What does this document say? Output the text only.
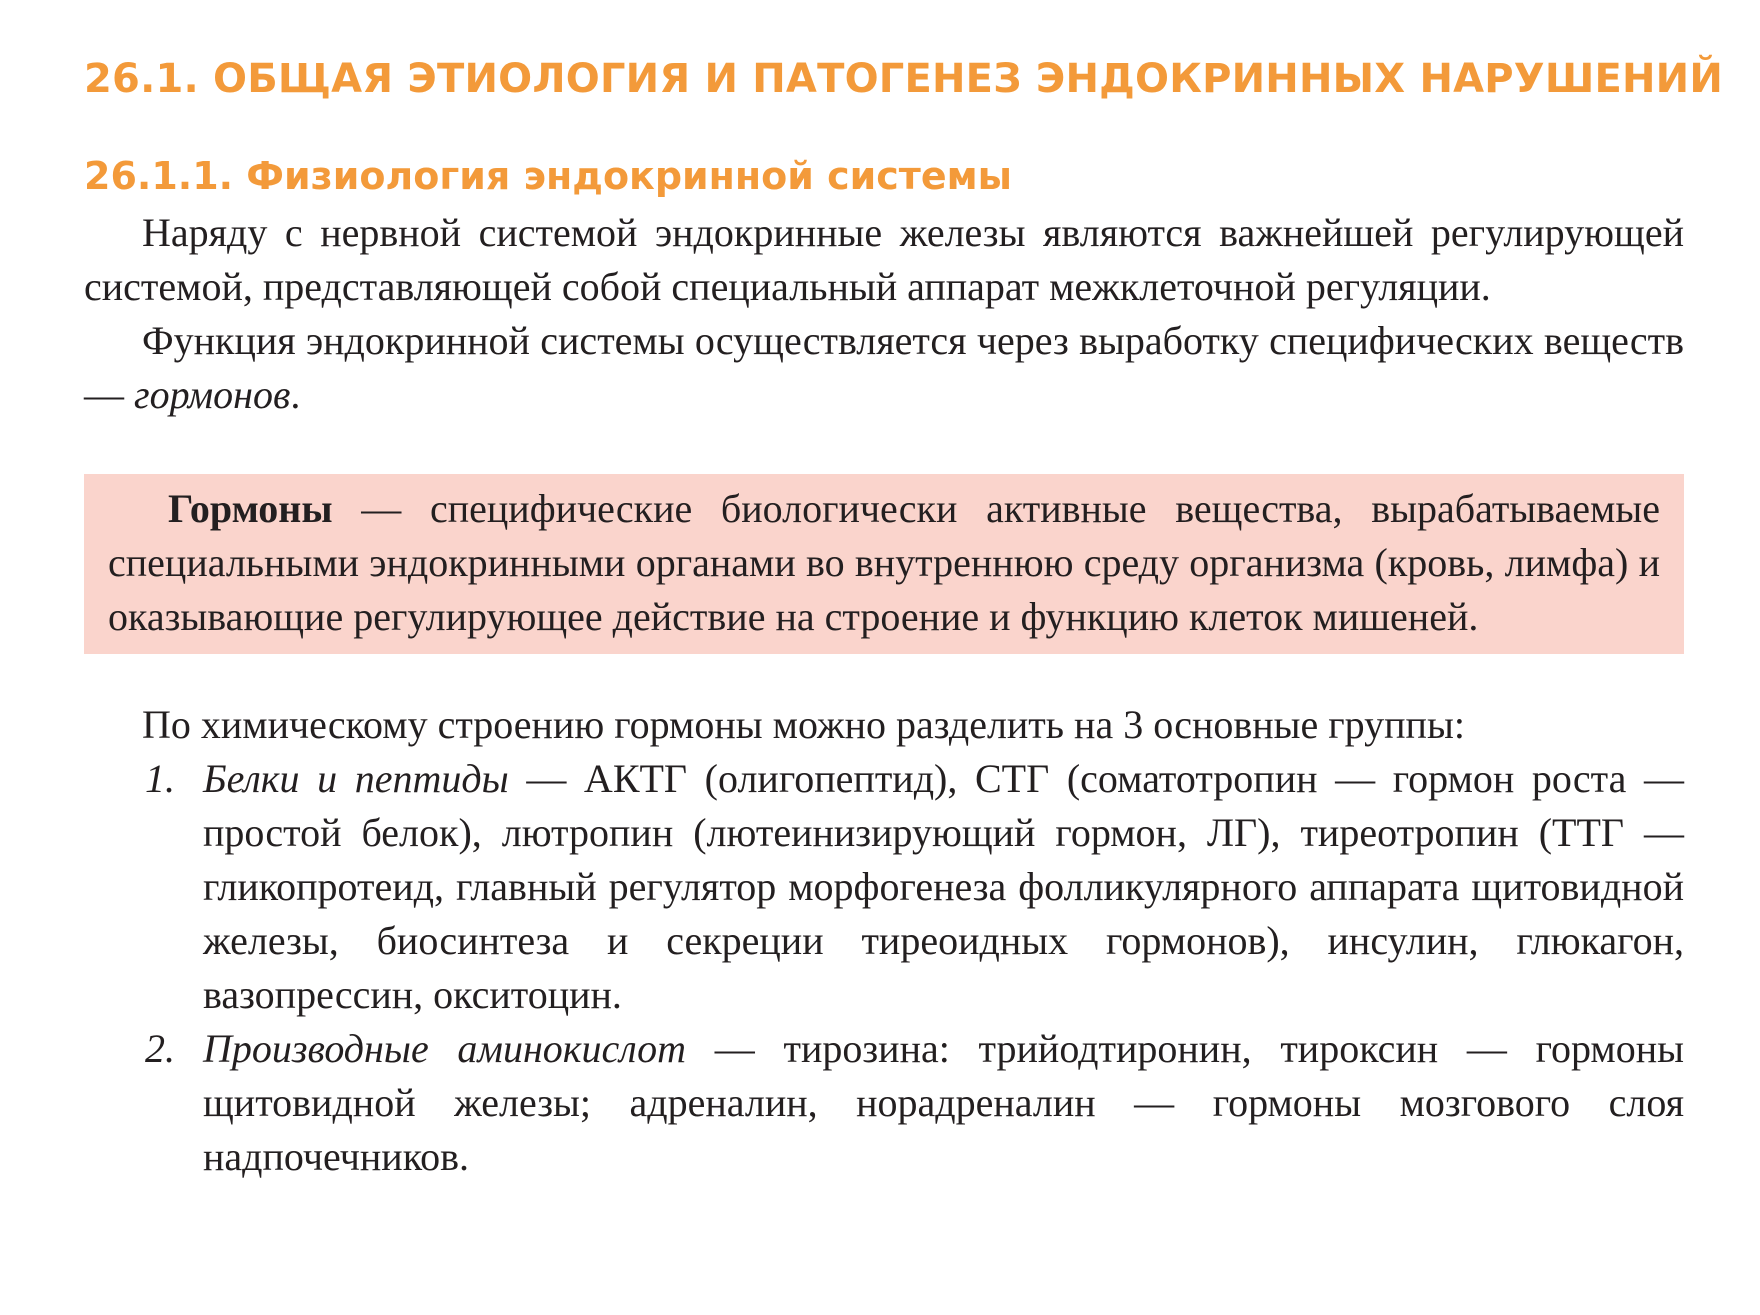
26.1. ОБЩАЯ ЭТИОЛОГИЯ И ПАТОГЕНЕЗ ЭНДОКРИННЫХ НАРУШЕНИЙ
26.1.1. Физиология эндокринной системы

Наряду с нервной системой эндокринные железы являются важнейшей регулирующей системой, представляющей собой специальный аппарат межклеточной регуляции.

Функция эндокринной системы осуществляется через выработку специфических веществ — гормонов.

Гормоны — специфические биологически активные вещества, вырабатываемые специальными эндокринными органами во внутреннюю среду организма (кровь, лимфа) и оказывающие регулирующее действие на строение и функцию клеток мишеней.

По химическому строению гормоны можно разделить на 3 основные группы:

1. Белки и пептиды — АКТГ (олигопептид), СТГ (соматотропин — гормон роста — простой белок), лютропин (лютеинизирующий гормон, ЛГ), тиреотропин (ТТГ — гликопротеид, главный регулятор морфогенеза фолликулярного аппарата щитовидной железы, биосинтеза и секреции тиреоидных гормонов), инсулин, глюкагон, вазопрессин, окситоцин.
2. Производные аминокислот — тирозина: трийодтиронин, тироксин — гормоны щитовидной железы; адреналин, норадреналин — гормоны мозгового слоя надпочечников.
